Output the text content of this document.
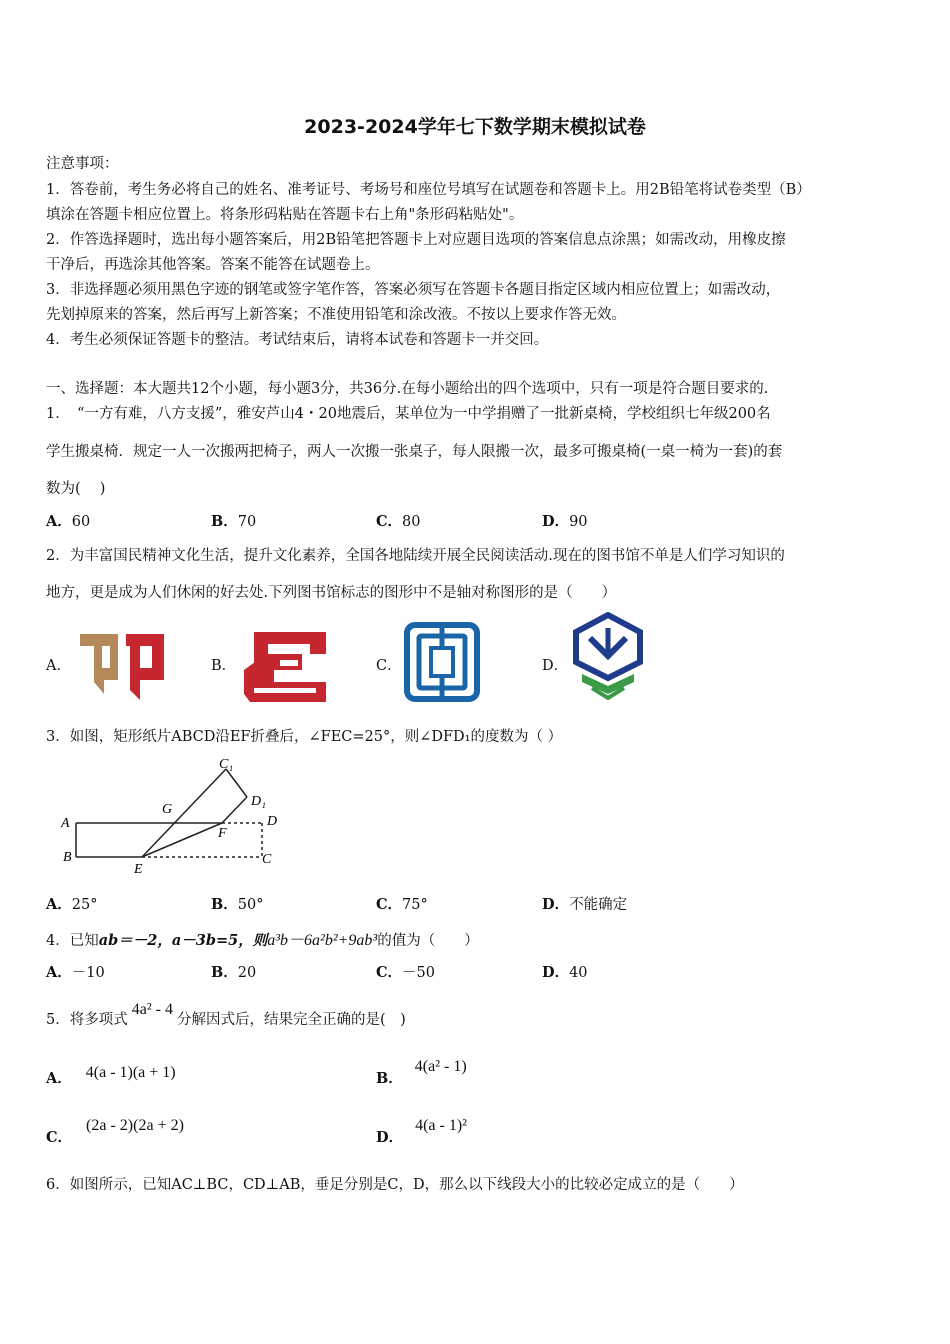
2023-2024学年七下数学期末模拟试卷
注意事项：
1．答卷前，考生务必将自己的姓名、准考证号、考场号和座位号填写在试题卷和答题卡上。用2B铅笔将试卷类型（B）
填涂在答题卡相应位置上。将条形码粘贴在答题卡右上角"条形码粘贴处"。
2．作答选择题时，选出每小题答案后，用2B铅笔把答题卡上对应题目选项的答案信息点涂黑；如需改动，用橡皮擦
干净后，再选涂其他答案。答案不能答在试题卷上。
3．非选择题必须用黑色字迹的钢笔或签字笔作答，答案必须写在答题卡各题目指定区域内相应位置上；如需改动，
先划掉原来的答案，然后再写上新答案；不准使用铅笔和涂改液。不按以上要求作答无效。
4．考生必须保证答题卡的整洁。考试结束后，请将本试卷和答题卡一并交回。
一、选择题：本大题共12个小题，每小题3分，共36分.在每小题给出的四个选项中，只有一项是符合题目要求的.
1．　“一方有难，八方支援”，雅安芦山4・20地震后，某单位为一中学捐赠了一批新桌椅，学校组织七年级200名
学生搬桌椅．规定一人一次搬两把椅子，两人一次搬一张桌子，每人限搬一次，最多可搬桌椅(一桌一椅为一套)的套
数为(　 )
A．60	B．70	C．80	D．90
2．为丰富国民精神文化生活，提升文化素养，全国各地陆续开展全民阅读活动.现在的图书馆不单是人们学习知识的
地方，更是成为人们休闲的好去处.下列图书馆标志的图形中不是轴对称图形的是（　　）
A．	B．	C．	D．
3．如图，矩形纸片ABCD沿EF折叠后，∠FEC=25°，则∠DFD₁的度数为（ ）
A
B
E
F
G
D
C
C₁
D₁
A．25°	B．50°	C．75°	D．不能确定
4．已知ab＝－2，a－3b=5，则a³b－6a²b²+9ab³的值为（　　）
A．－10	B．20	C．－50	D．40
5．将多项式4a² - 4分解因式后，结果完全正确的是(　)
A． 4(a - 1)(a + 1)	B．4(a² - 1)
C．(2a - 2)(2a + 2)
D．4(a - 1)²
6．如图所示，已知AC⊥BC，CD⊥AB，垂足分别是C，D，那么以下线段大小的比较必定成立的是（　　）
